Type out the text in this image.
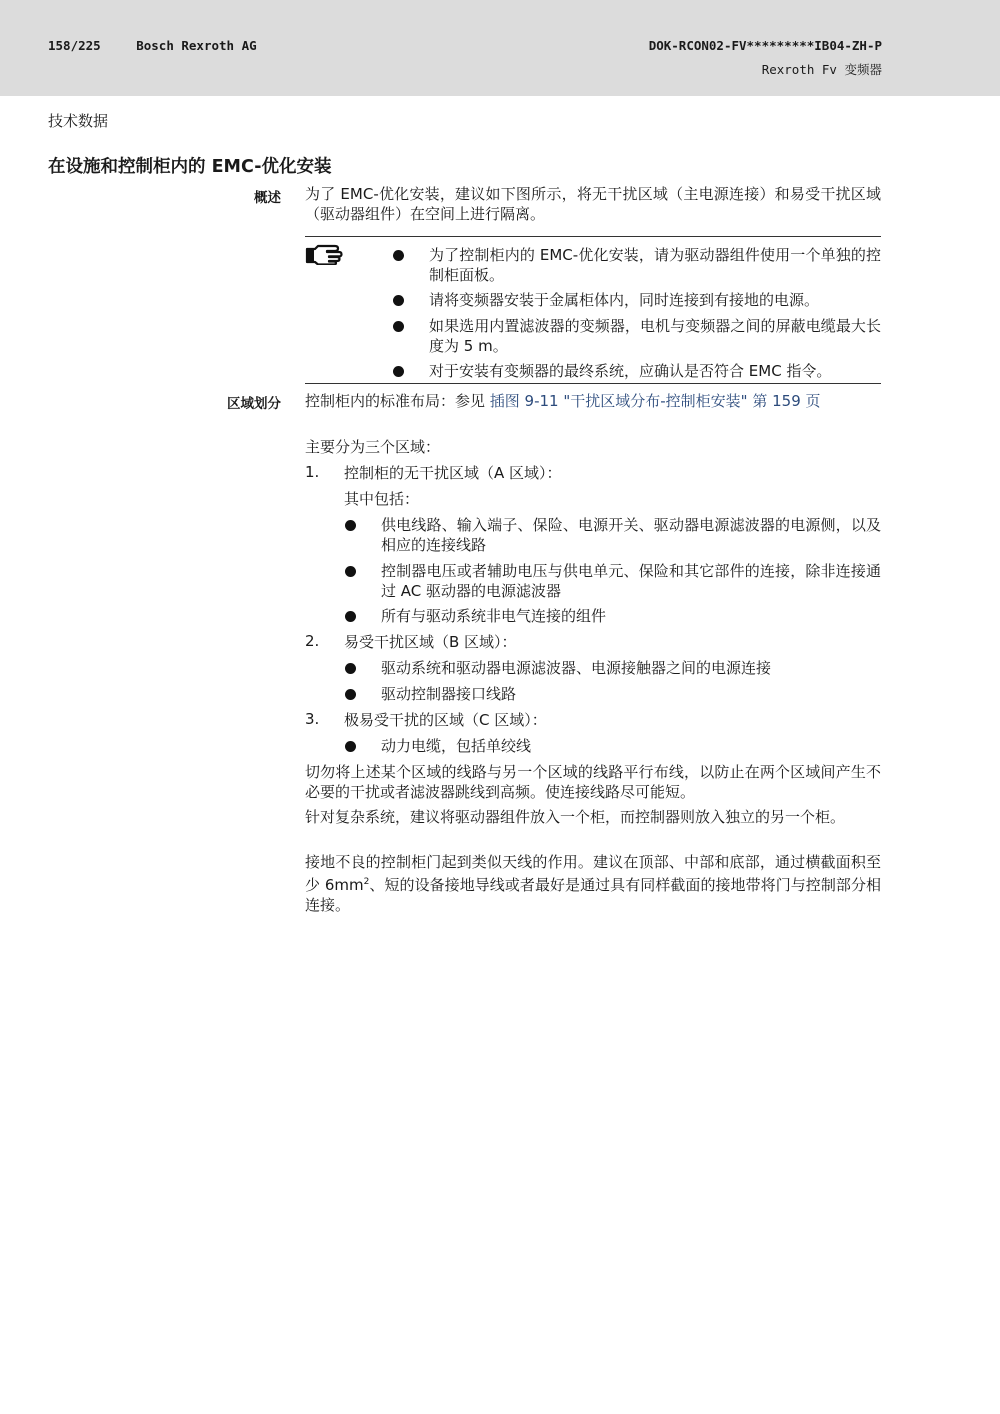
158/225	Bosch Rexroth AG	DOK-RCON02-FV*********IB04-ZH-P
Rexroth Fv 变频器
技术数据
在设施和控制柜内的 EMC-优化安装
概述 为了 EMC-优化安装，建议如下图所示，将无干扰区域（主电源连接）和易受干扰区域（驱动器组件）在空间上进行隔离。
为了控制柜内的 EMC-优化安装，请为驱动器组件使用一个单独的控制柜面板。
请将变频器安装于金属柜体内，同时连接到有接地的电源。
如果选用内置滤波器的变频器，电机与变频器之间的屏蔽电缆最大长度为 5 m。
对于安装有变频器的最终系统，应确认是否符合 EMC 指令。
区域划分 控制柜内的标准布局：参见 插图 9-11 "干扰区域分布-控制柜安装" 第 159 页
主要分为三个区域：
1. 控制柜的无干扰区域（A 区域）：
其中包括：
供电线路、输入端子、保险、电源开关、驱动器电源滤波器的电源侧，以及相应的连接线路
控制器电压或者辅助电压与供电单元、保险和其它部件的连接，除非连接通过 AC 驱动器的电源滤波器
所有与驱动系统非电气连接的组件
2. 易受干扰区域（B 区域）：
驱动系统和驱动器电源滤波器、电源接触器之间的电源连接
驱动控制器接口线路
3. 极易受干扰的区域（C 区域）：
动力电缆，包括单绞线
切勿将上述某个区域的线路与另一个区域的线路平行布线，以防止在两个区域间产生不必要的干扰或者滤波器跳线到高频。使连接线路尽可能短。
针对复杂系统，建议将驱动器组件放入一个柜，而控制器则放入独立的另一个柜。
接地不良的控制柜门起到类似天线的作用。建议在顶部、中部和底部，通过横截面积至少 $6mm^2$、短的设备接地导线或者最好是通过具有同样截面的接地带将门与控制部分相连接。
